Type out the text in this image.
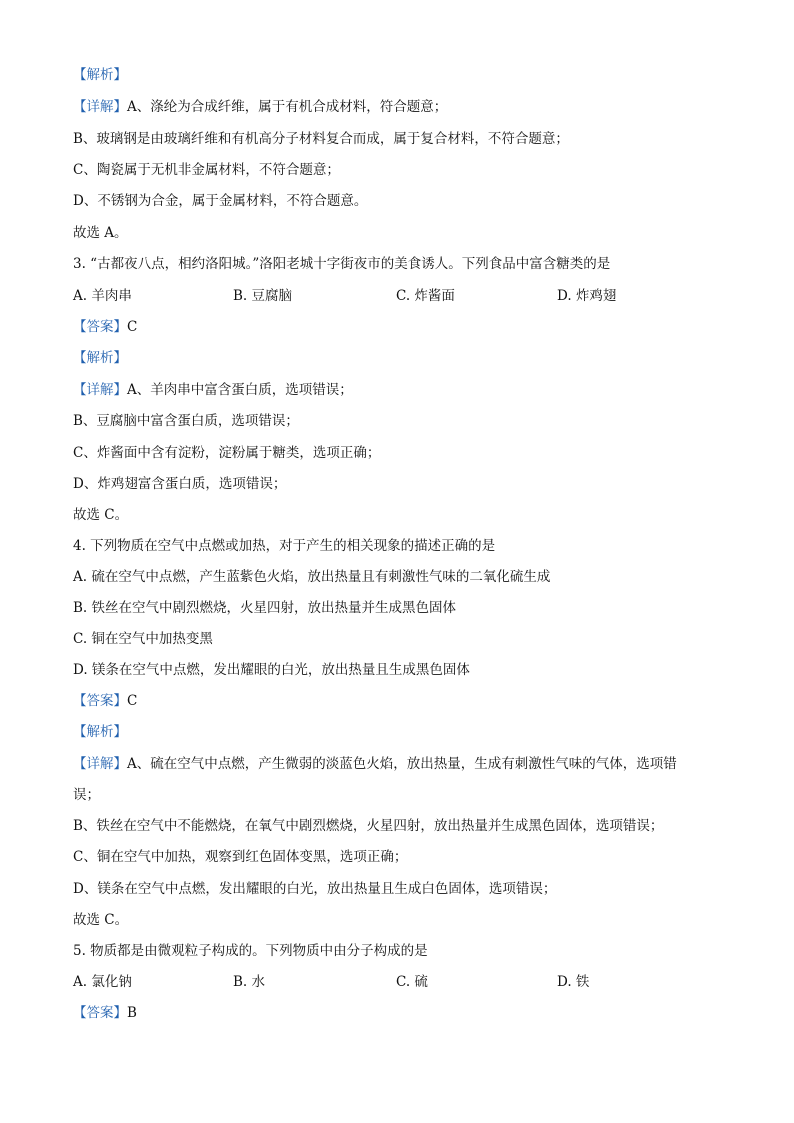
【解析】
【详解】A、涤纶为合成纤维，属于有机合成材料，符合题意；
B、玻璃钢是由玻璃纤维和有机高分子材料复合而成，属于复合材料，不符合题意；
C、陶瓷属于无机非金属材料，不符合题意；
D、不锈钢为合金，属于金属材料，不符合题意。
故选 A。
3. “古都夜八点，相约洛阳城。”洛阳老城十字街夜市的美食诱人。下列食品中富含糖类的是
A. 羊肉串	B. 豆腐脑	C. 炸酱面	D. 炸鸡翅
【答案】C
【解析】
【详解】A、羊肉串中富含蛋白质，选项错误；
B、豆腐脑中富含蛋白质，选项错误；
C、炸酱面中含有淀粉，淀粉属于糖类，选项正确；
D、炸鸡翅富含蛋白质，选项错误；
故选 C。
4. 下列物质在空气中点燃或加热，对于产生的相关现象的描述正确的是
A. 硫在空气中点燃，产生蓝紫色火焰，放出热量且有刺激性气味的二氧化硫生成
B. 铁丝在空气中剧烈燃烧，火星四射，放出热量并生成黑色固体
C. 铜在空气中加热变黑
D. 镁条在空气中点燃，发出耀眼的白光，放出热量且生成黑色固体
【答案】C
【解析】
【详解】A、硫在空气中点燃，产生微弱的淡蓝色火焰，放出热量，生成有刺激性气味的气体，选项错
误；
B、铁丝在空气中不能燃烧，在氧气中剧烈燃烧，火星四射，放出热量并生成黑色固体，选项错误；
C、铜在空气中加热，观察到红色固体变黑，选项正确；
D、镁条在空气中点燃，发出耀眼的白光，放出热量且生成白色固体，选项错误；
故选 C。
5. 物质都是由微观粒子构成的。下列物质中由分子构成的是
A. 氯化钠	B. 水	C. 硫	D. 铁
【答案】B
